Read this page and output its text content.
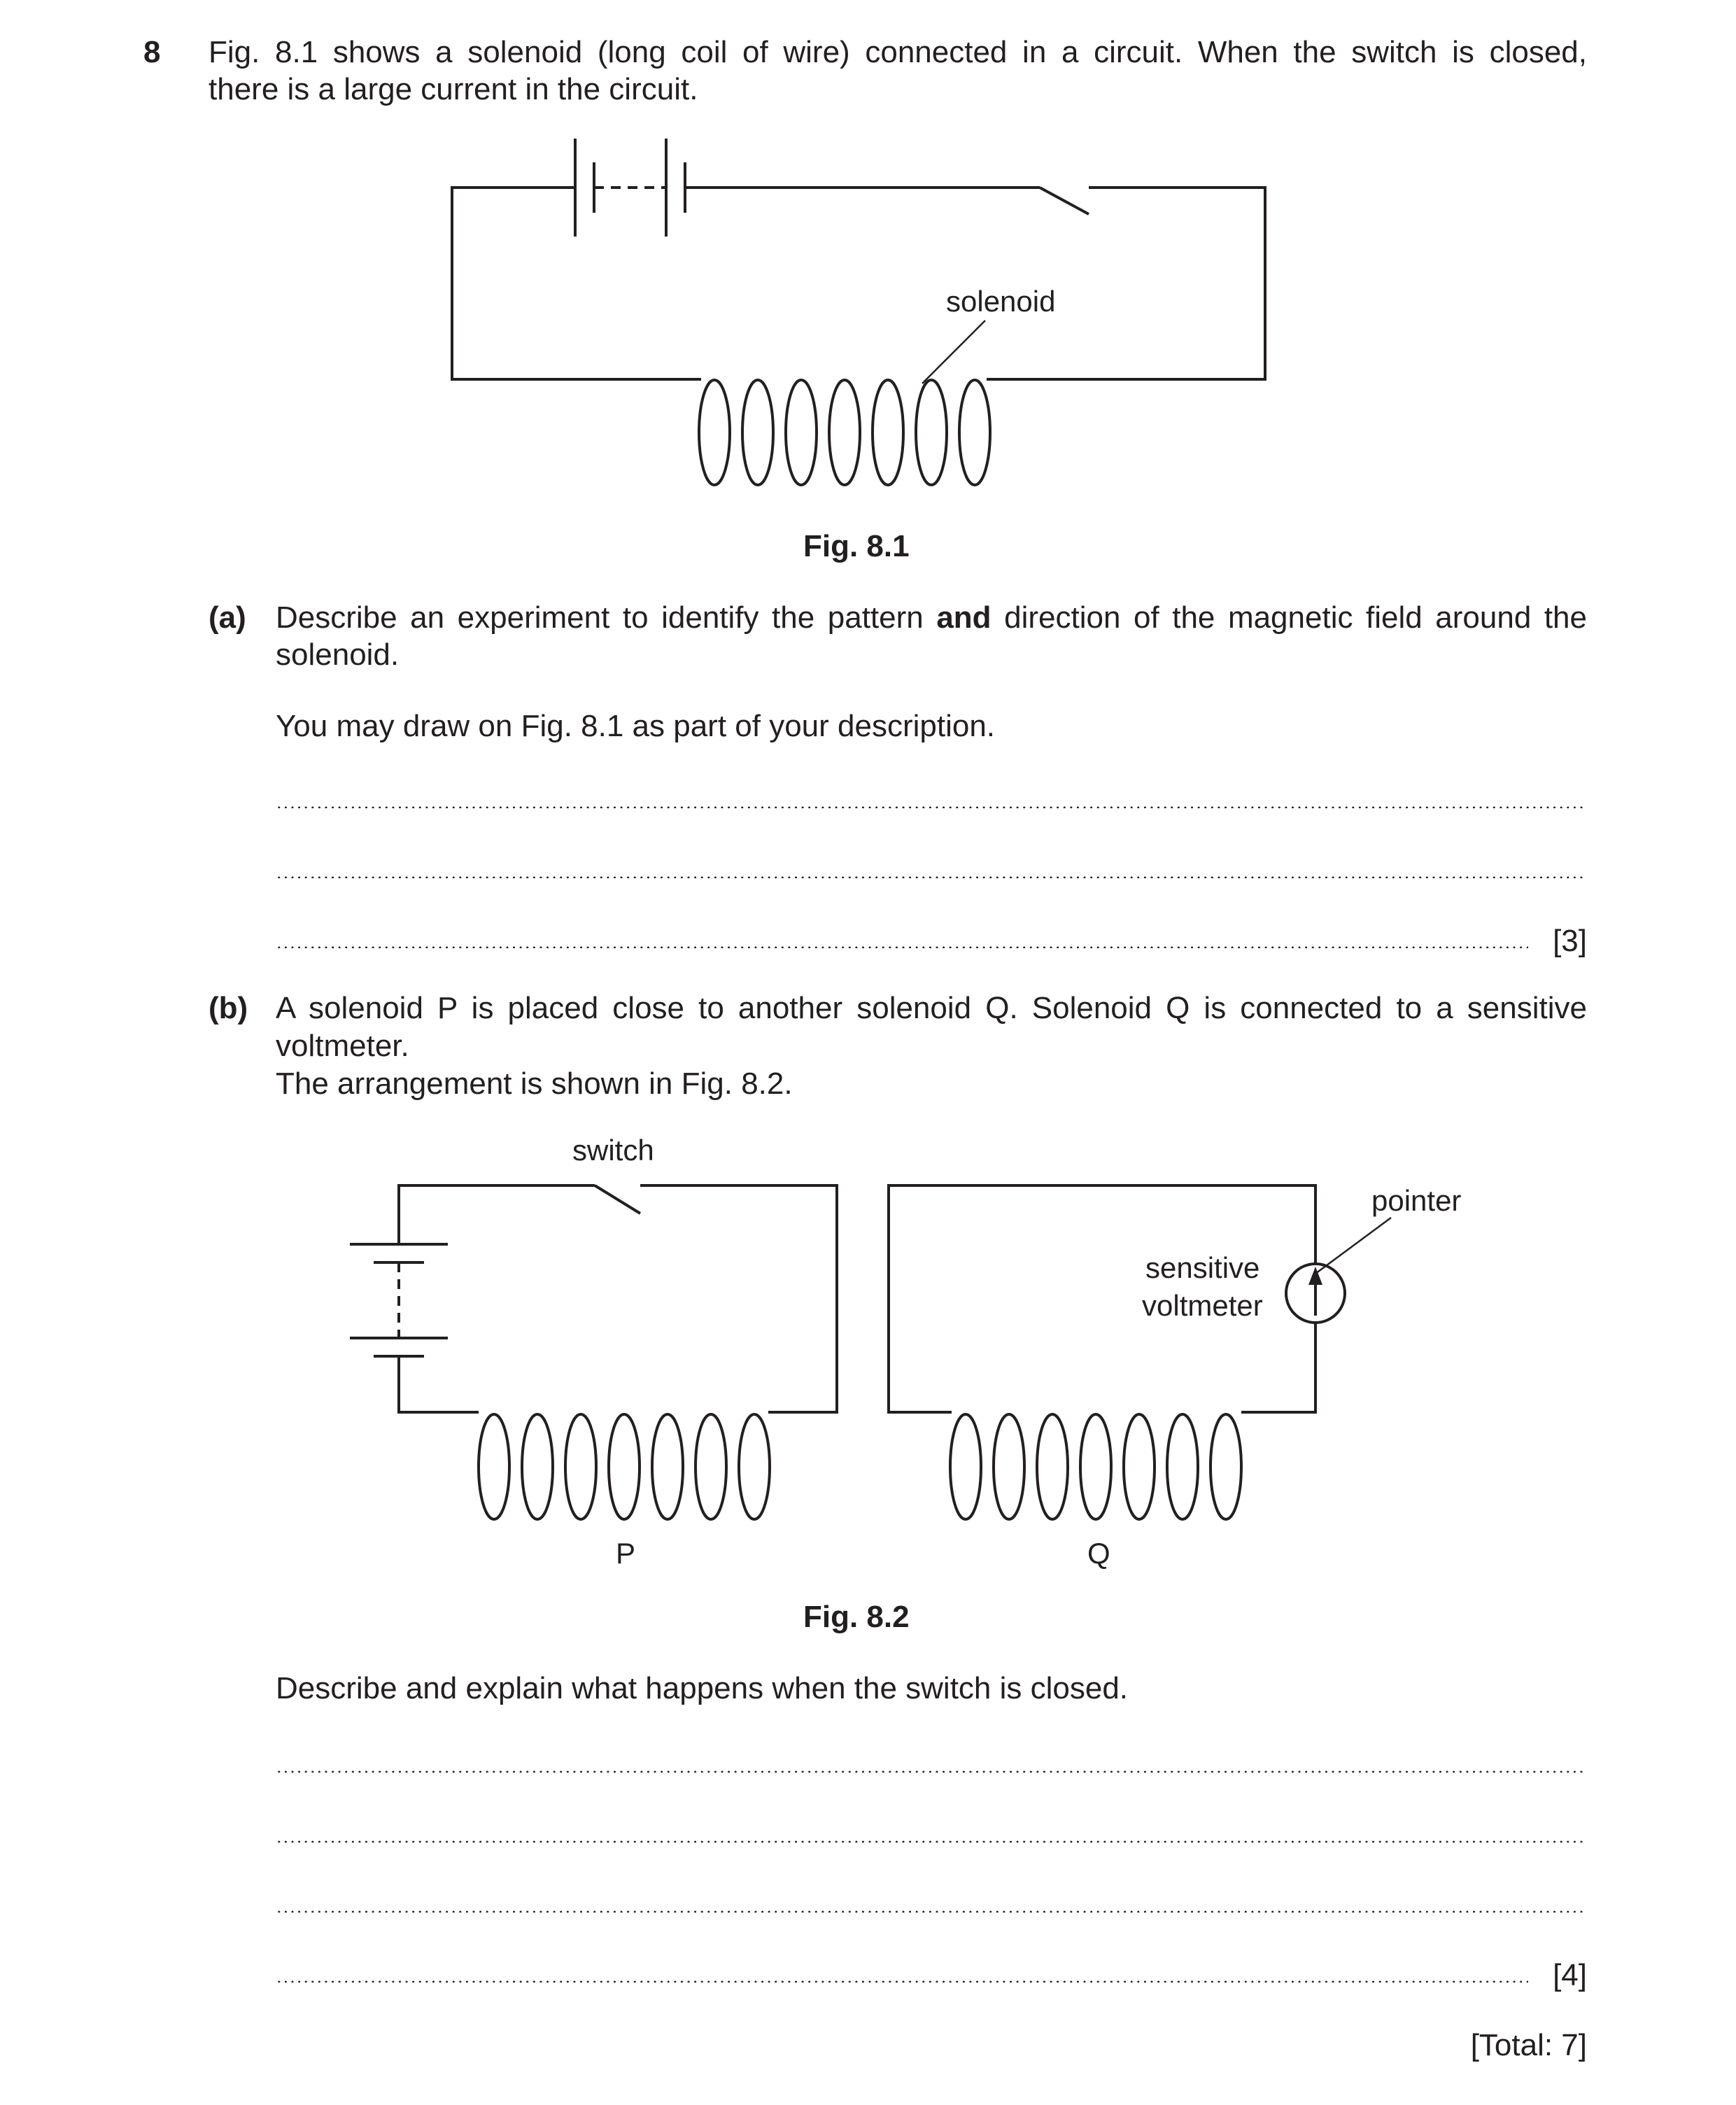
8 Fig. 8.1 shows a solenoid (long coil of wire) connected in a circuit. When the switch is closed,
there is a large current in the circuit.
solenoid
Fig. 8.1
(a) Describe an experiment to identify the pattern and direction of the magnetic field around the
solenoid.
You may draw on Fig. 8.1 as part of your description.
[3]
(b) A solenoid P is placed close to another solenoid Q. Solenoid Q is connected to a sensitive
voltmeter.
The arrangement is shown in Fig. 8.2.
switch
pointer
sensitive
voltmeter
P	Q
Fig. 8.2
Describe and explain what happens when the switch is closed.
[4]
[Total: 7]
